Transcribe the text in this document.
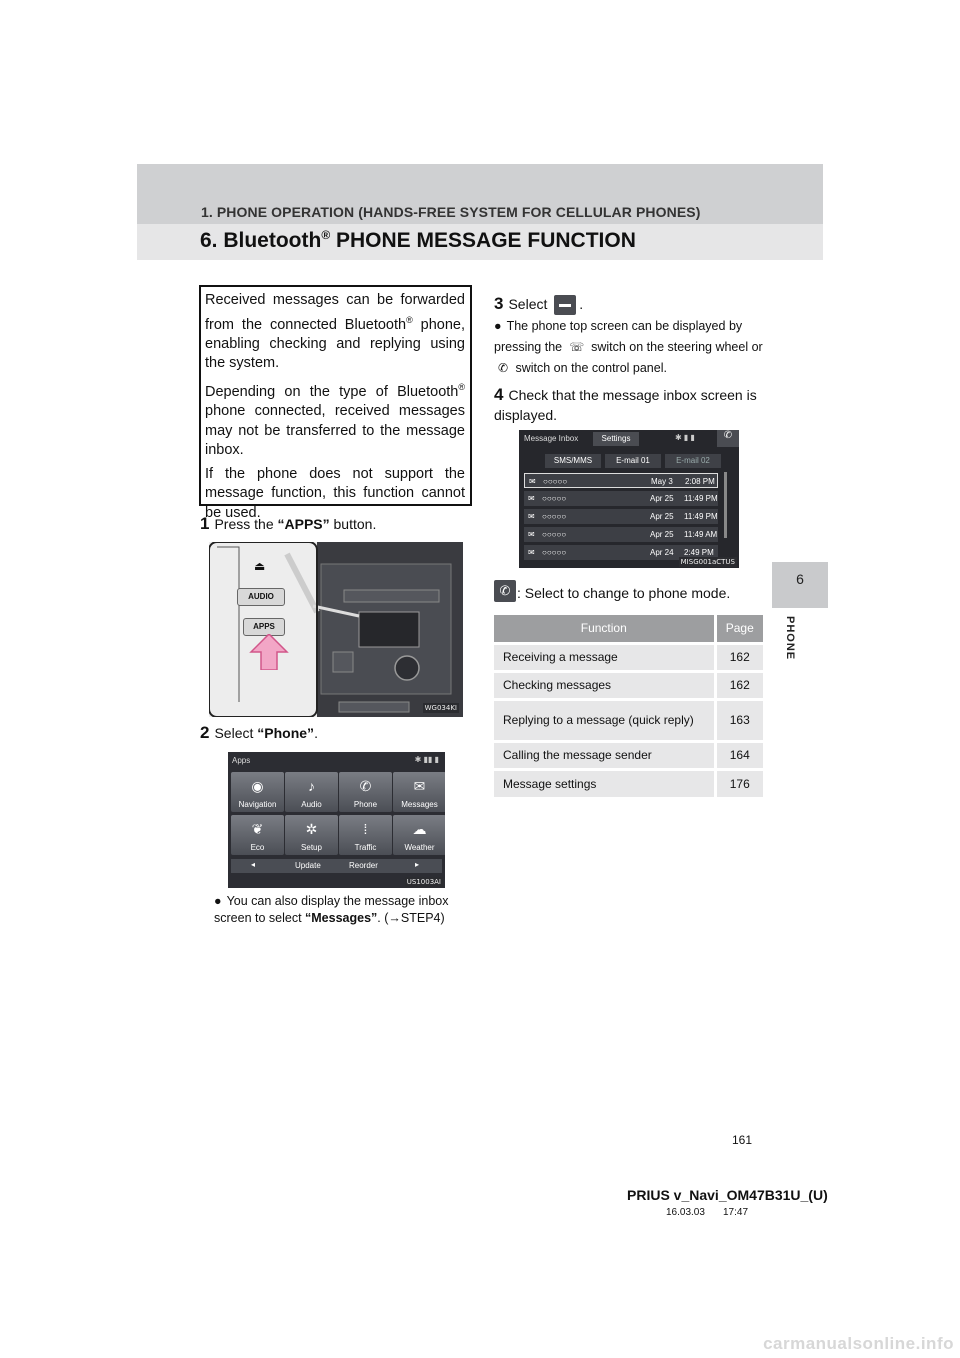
1. PHONE OPERATION (HANDS-FREE SYSTEM FOR CELLULAR PHONES)
6. Bluetooth® PHONE MESSAGE FUNCTION
6
PHONE

Received messages can be forwarded from the connected Bluetooth® phone, enabling checking and replying using the system.

Depending on the type of Bluetooth® phone connected, received messages may not be transferred to the message inbox.

If the phone does not support the message function, this function cannot be used.

1 Press the “APPS” button.
⏏
AUDIO
APPS
WG034KI
2 Select “Phone”.
Apps	✱ ▮▮ ▮
◉
Navigation
♪
Audio
✆
Phone
✉
Messages
❦
Eco
✲
Setup
⁞
Traffic
☁
Weather
◂	Update	Reorder	▸
US1003AI
● You can also display the message inbox screen to select “Messages”. (→STEP4)
3 Select .
● The phone top screen can be displayed by pressing the ☏ switch on the steering wheel or ✆ switch on the control panel.
4 Check that the message inbox screen is displayed.
Message Inbox	Settings	✱ ▮ ▮	✆
SMS/MMS	E-mail 01	E-mail 02
✉ ○○○○○	May 3 2:08 PM
✉ ○○○○○	Apr 25 11:49 PM
✉ ○○○○○	Apr 25 11:49 PM
✉ ○○○○○	Apr 25 11:49 AM
✉ ○○○○○	Apr 24 2:49 PM
MISG001aCTUS
✆ : Select to change to phone mode.
Function	Page
Receiving a message	162
Checking messages	162
Replying to a message (quick reply)	163
Calling the message sender	164
Message settings	176
161
PRIUS v_Navi_OM47B31U_(U)
16.03.03 17:47
carmanualsonline.info
